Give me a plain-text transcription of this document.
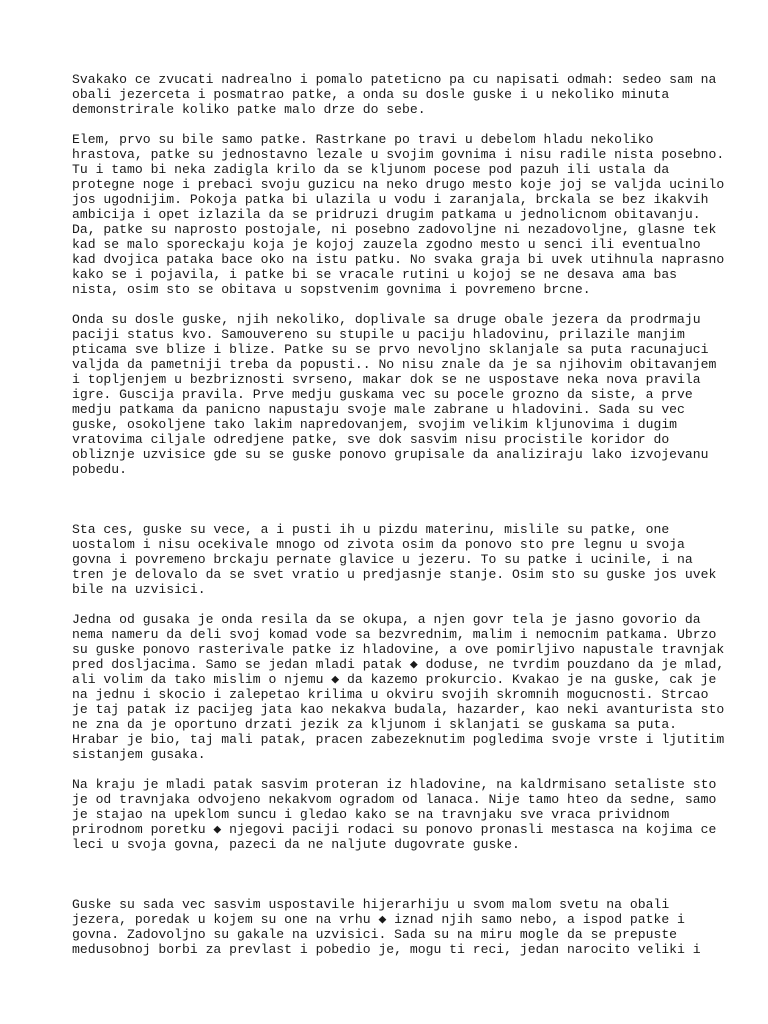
Svakako ce zvucati nadrealno i pomalo pateticno pa cu napisati odmah: sedeo sam na
obali jezerceta i posmatrao patke, a onda su dosle guske i u nekoliko minuta
demonstrirale koliko patke malo drze do sebe.

Elem, prvo su bile samo patke. Rastrkane po travi u debelom hladu nekoliko
hrastova, patke su jednostavno lezale u svojim govnima i nisu radile nista posebno.
Tu i tamo bi neka zadigla krilo da se kljunom pocese pod pazuh ili ustala da
protegne noge i prebaci svoju guzicu na neko drugo mesto koje joj se valjda ucinilo
jos ugodnijim. Pokoja patka bi ulazila u vodu i zaranjala, brckala se bez ikakvih
ambicija i opet izlazila da se pridruzi drugim patkama u jednolicnom obitavanju.
Da, patke su naprosto postojale, ni posebno zadovoljne ni nezadovoljne, glasne tek
kad se malo sporeckaju koja je kojoj zauzela zgodno mesto u senci ili eventualno
kad dvojica pataka bace oko na istu patku. No svaka graja bi uvek utihnula naprasno
kako se i pojavila, i patke bi se vracale rutini u kojoj se ne desava ama bas
nista, osim sto se obitava u sopstvenim govnima i povremeno brcne.

Onda su dosle guske, njih nekoliko, doplivale sa druge obale jezera da prodrmaju
paciji status kvo. Samouvereno su stupile u paciju hladovinu, prilazile manjim
pticama sve blize i blize. Patke su se prvo nevoljno sklanjale sa puta racunajuci
valjda da pametniji treba da popusti.. No nisu znale da je sa njihovim obitavanjem
i topljenjem u bezbriznosti svrseno, makar dok se ne uspostave neka nova pravila
igre. Guscija pravila. Prve medju guskama vec su pocele grozno da siste, a prve
medju patkama da panicno napustaju svoje male zabrane u hladovini. Sada su vec
guske, osokoljene tako lakim napredovanjem, svojim velikim kljunovima i dugim
vratovima ciljale odredjene patke, sve dok sasvim nisu procistile koridor do
obliznje uzvisice gde su se guske ponovo grupisale da analiziraju lako izvojevanu
pobedu.

Sta ces, guske su vece, a i pusti ih u pizdu materinu, mislile su patke, one
uostalom i nisu ocekivale mnogo od zivota osim da ponovo sto pre legnu u svoja
govna i povremeno brckaju pernate glavice u jezeru. To su patke i ucinile, i na
tren je delovalo da se svet vratio u predjasnje stanje. Osim sto su guske jos uvek
bile na uzvisici.

Jedna od gusaka je onda resila da se okupa, a njen govr tela je jasno govorio da
nema nameru da deli svoj komad vode sa bezvrednim, malim i nemocnim patkama. Ubrzo
su guske ponovo rasterivale patke iz hladovine, a ove pomirljivo napustale travnjak
pred dosljacima. Samo se jedan mladi patak ◆ doduse, ne tvrdim pouzdano da je mlad,
ali volim da tako mislim o njemu ◆ da kazemo prokurcio. Kvakao je na guske, cak je
na jednu i skocio i zalepetao krilima u okviru svojih skromnih mogucnosti. Strcao
je taj patak iz pacijeg jata kao nekakva budala, hazarder, kao neki avanturista sto
ne zna da je oportuno drzati jezik za kljunom i sklanjati se guskama sa puta.
Hrabar je bio, taj mali patak, pracen zabezeknutim pogledima svoje vrste i ljutitim
sistanjem gusaka.

Na kraju je mladi patak sasvim proteran iz hladovine, na kaldrmisano setaliste sto
je od travnjaka odvojeno nekakvom ogradom od lanaca. Nije tamo hteo da sedne, samo
je stajao na upeklom suncu i gledao kako se na travnjaku sve vraca prividnom
prirodnom poretku ◆ njegovi paciji rodaci su ponovo pronasli mestasca na kojima ce
leci u svoja govna, pazeci da ne naljute dugovrate guske.

Guske su sada vec sasvim uspostavile hijerarhiju u svom malom svetu na obali
jezera, poredak u kojem su one na vrhu ◆ iznad njih samo nebo, a ispod patke i
govna. Zadovoljno su gakale na uzvisici. Sada su na miru mogle da se prepuste
medusobnoj borbi za prevlast i pobedio je, mogu ti reci, jedan narocito veliki i
